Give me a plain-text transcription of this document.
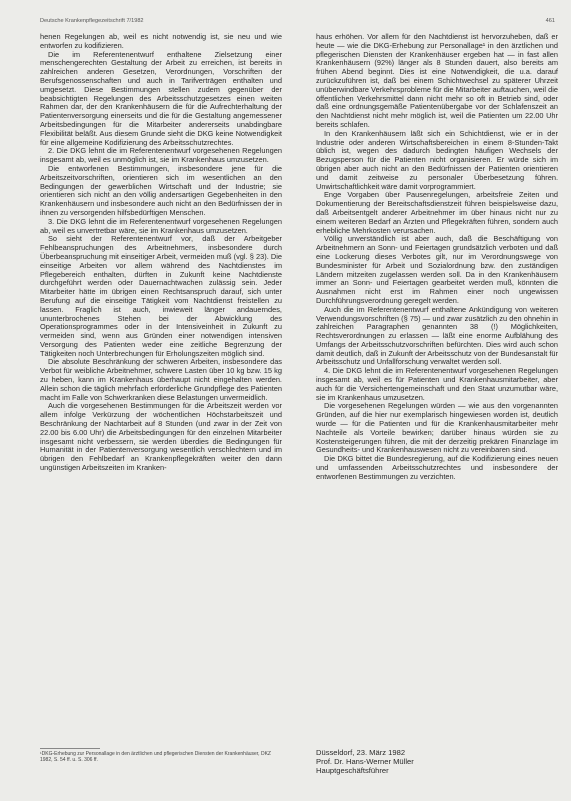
Deutsche Krankenpflegezeitschrift 7/1982	461

henen Regelungen ab, weil es nicht notwendig ist, sie neu und wie entworfen zu kodifizieren.

Die im Referentenentwurf enthaltene Zielsetzung einer menschengerechten Gestaltung der Arbeit zu erreichen, ist bereits in zahlreichen anderen Gesetzen, Verordnungen, Vorschriften der Berufsgenossenschaften und auch in Tarifverträgen enthalten und umgesetzt. Diese Bestimmungen stellen zudem gegenüber der beabsichtigten Regelungen des Arbeitsschutzgesetzes einen weiten Rahmen dar, der den Krankenhäusern die für die Aufrechterhaltung der Patientenversorgung einerseits und die für die Gestaltung angemessener Arbeitsbedingungen für die Mitarbeiter andererseits unabdingbare Flexibilität beläßt. Aus diesem Grunde sieht die DKG keine Notwendigkeit für eine allgemeine Kodifizierung des Arbeitsschutzrechtes.

2. Die DKG lehnt die im Referentenentwurf vorgesehenen Regelungen insgesamt ab, weil es unmöglich ist, sie im Krankenhaus umzusetzen.

Die entworfenen Bestimmungen, insbesondere jene für die Arbeitszeitvorschriften, orientieren sich im wesentlichen an den Bedingungen der gewerblichen Wirtschaft und der Industrie; sie orientieren sich nicht an den völlig andersartigen Gegebenheiten in den Krankenhäusern und insbesondere auch nicht an den Bedürfnissen der in ihnen zu versorgenden hilfsbedürftigen Menschen.

3. Die DKG lehnt die im Referentenentwurf vorgesehenen Regelungen ab, weil es unvertretbar wäre, sie im Krankenhaus umzusetzen.

So sieht der Referentenentwurf vor, daß der Arbeitgeber Fehlbeanspruchungen des Arbeitnehmers, insbesondere durch Überbeanspruchung mit einseitiger Arbeit, vermeiden muß (vgl. § 23). Die einseitige Arbeiten vor allem während des Nachtdienstes im Pflegebereich enthalten, dürften in Zukunft keine Nachtdienste durchgeführt werden oder Dauernachtwachen zulässig sein. Jeder Mitarbeiter hätte im übrigen einen Rechtsanspruch darauf, sich unter Berufung auf die einseitige Tätigkeit vom Nachtdienst freistellen zu lassen. Fraglich ist auch, inwieweit länger andauerndes, ununterbrochenes Stehen bei der Abwicklung des Operationsprogrammes oder in der Intensiveinheit in Zukunft zu vermeiden sind, wenn aus Gründen einer notwendigen intensiven Versorgung des Patienten weder eine zeitliche Begrenzung der Tätigkeiten noch Unterbrechungen für Erholungszeiten möglich sind.

Die absolute Beschränkung der schweren Arbeiten, insbesondere das Verbot für weibliche Arbeitnehmer, schwere Lasten über 10 kg bzw. 15 kg zu heben, kann im Krankenhaus überhaupt nicht eingehalten werden. Allein schon die täglich mehrfach erforderliche Grundpflege des Patienten macht im Falle von Schwerkranken diese Belastungen unvermeidlich.

Auch die vorgesehenen Bestimmungen für die Arbeitszeit werden vor allem infolge Verkürzung der wöchentlichen Höchstarbeitszeit und Beschränkung der Nachtarbeit auf 8 Stunden (und zwar in der Zeit von 22.00 bis 6.00 Uhr) die Arbeitsbedingungen für den einzelnen Mitarbeiter insgesamt nicht verbessern, sie werden überdies die Bedingungen für Humanität in der Patientenversorgung wesentlich verschlechtern und im übrigen den Fehlbedarf an Krankenpflegekräften weiter den dann ungünstigen Arbeitszeiten im Kranken-

haus erhöhen. Vor allem für den Nachtdienst ist hervorzuheben, daß er heute — wie die DKG-Erhebung zur Personallage¹ in den ärztlichen und pflegerischen Diensten der Krankenhäuser ergeben hat — in fast allen Krankenhäusern (92%) länger als 8 Stunden dauert, also bereits am frühen Abend beginnt. Dies ist eine Notwendigkeit, die u.a. darauf zurückzuführen ist, daß bei einem Schichtwechsel zu späterer Uhrzeit unüberwindbare Verkehrsprobleme für die Mitarbeiter auftauchen, weil die öffentlichen Verkehrsmittel dann nicht mehr so oft in Betrieb sind, oder daß eine ordnungsgemäße Patientenübergabe vor der Schlafenszeit an den Nachtdienst nicht mehr möglich ist, weil die Patienten um 22.00 Uhr bereits schlafen.

In den Krankenhäusern läßt sich ein Schichtdienst, wie er in der Industrie oder anderen Wirtschaftsbereichen in einem 8-Stunden-Takt üblich ist, wegen des dadurch bedingten häufigen Wechsels der Bezugsperson für die Patienten nicht organisieren. Er würde sich im übrigen aber auch nicht an den Bedürfnissen der Patienten orientieren und damit zeitweise zu personaler Überbesetzung führen. Unwirtschaftlichkeit wäre damit vorprogrammiert.

Enge Vorgaben über Pausenregelungen, arbeitsfreie Zeiten und Dokumentierung der Bereitschaftsdienstzeit führen beispielsweise dazu, daß Arbeitsentgelt anderer Arbeitnehmer im über hinaus nicht nur zu einem weiteren Bedarf an Ärzten und Pflegekräften führen, sondern auch erhebliche Mehrkosten verursachen.

Völlig unverständlich ist aber auch, daß die Beschäftigung von Arbeitnehmern an Sonn- und Feiertagen grundsätzlich verboten und daß eine Lockerung dieses Verbotes gilt, nur im Verordnungswege von Bundesminister für Arbeit und Sozialordnung bzw. den zuständigen Ländern mitzeiten zugelassen werden soll. Da in den Krankenhäusern immer an Sonn- und Feiertagen gearbeitet werden muß, könnten die Ausnahmen nicht erst im Rahmen einer noch ungewissen Durchführungsverordnung geregelt werden.

Auch die im Referentenentwurf enthaltene Ankündigung von weiteren Verwendungsvorschriften (§ 75) — und zwar zusätzlich zu den ohnehin in zahlreichen Paragraphen genannten 38 (!) Möglichkeiten, Rechtsverordnungen zu erlassen — läßt eine enorme Aufblähung des Umfangs der Arbeitsschutzvorschriften befürchten. Dies wird auch schon damit deutlich, daß in Zukunft der Arbeitsschutz von der Bundesanstalt für Arbeitsschutz und Unfallforschung verwaltet werden soll.

4. Die DKG lehnt die im Referentenentwurf vorgesehenen Regelungen insgesamt ab, weil es für Patienten und Krankenhausmitarbeiter, aber auch für die Versichertengemeinschaft und den Staat unzumutbar wäre, sie im Krankenhaus umzusetzen.

Die vorgesehenen Regelungen würden — wie aus den vorgenannten Gründen, auf die hier nur exemplarisch hingewiesen worden ist, deutlich wurde — für die Patienten und für die Krankenhausmitarbeiter mehr Nachteile als Vorteile bewirken; darüber hinaus würden sie zu Kostensteigerungen führen, die mit der derzeitig prekären Finanzlage im Gesundheits- und Krankenhauswesen nicht zu vereinbaren sind.

Die DKG bittet die Bundesregierung, auf die Kodifizierung eines neuen und umfassenden Arbeitsschutzrechtes und insbesondere der entworfenen Bestimmungen zu verzichten.

¹DKG-Erhebung zur Personallage in den ärztlichen und pflegerischen Diensten der Krankenhäuser, DKZ 1982, S. 54 ff. u. S. 306 ff.
Düsseldorf, 23. März 1982
Prof. Dr. Hans-Werner Müller
Hauptgeschäftsführer
